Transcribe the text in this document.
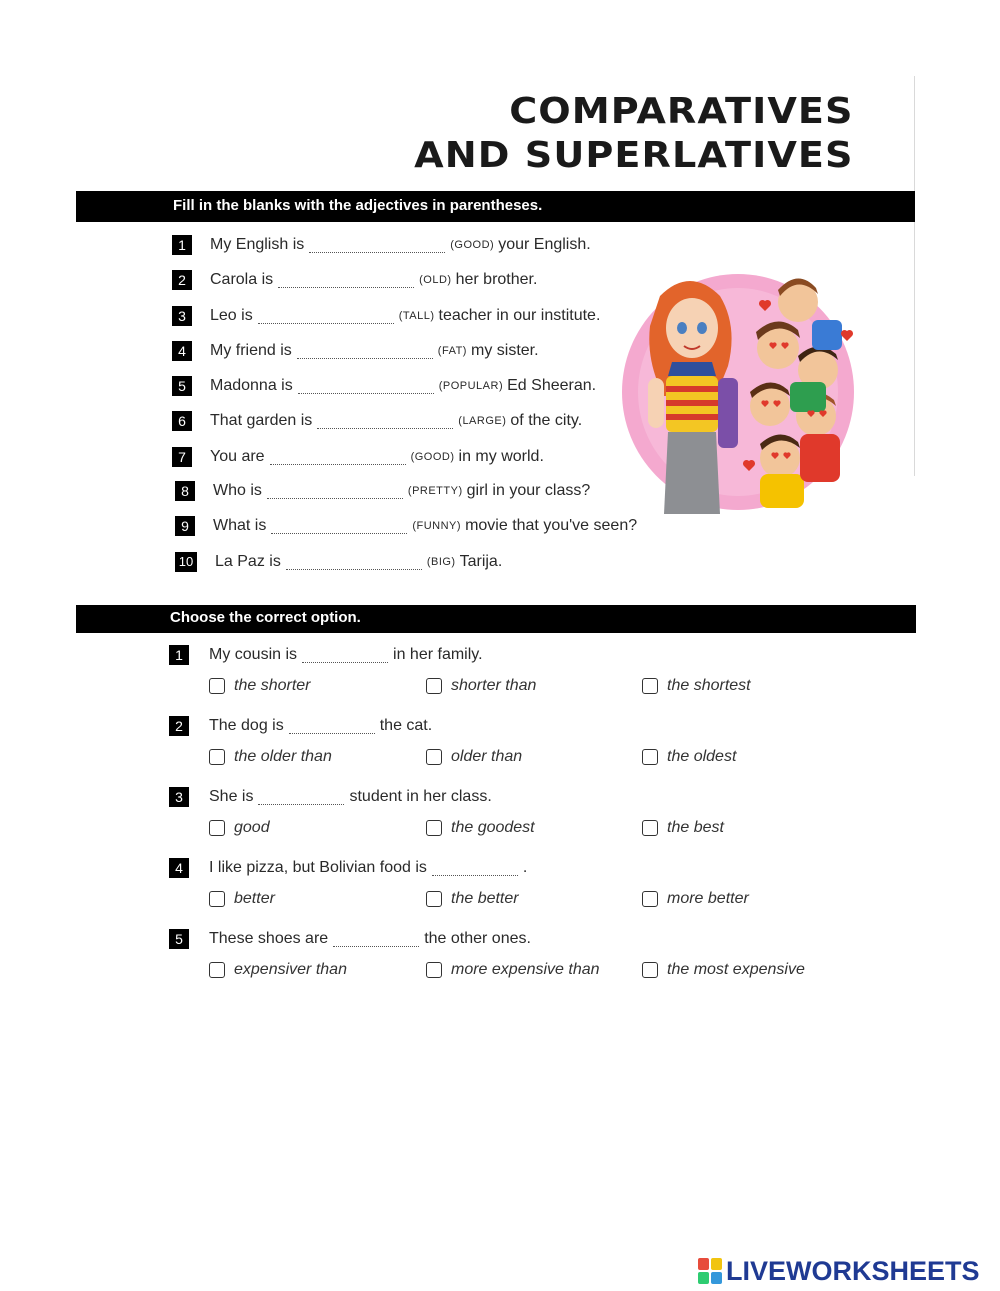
COMPARATIVES
AND SUPERLATIVES
Fill in the blanks with the adjectives in parentheses.
1	My English is	(GOOD) your English.
2	Carola is	(OLD) her brother.
3	Leo is	(TALL) teacher in our institute.
4	My friend is	(FAT) my sister.
5	Madonna is	(POPULAR) Ed Sheeran.
6	That garden is	(LARGE) of the city.
7	You are	(GOOD) in my world.
8	Who is	(PRETTY) girl in your class?
9	What is	(FUNNY) movie that you've seen?
10 La Paz is	(BIG) Tarija.
Choose the correct option.
1	My cousin is	in her family.
the shorter	shorter than	the shortest
2	The dog is	the cat.
the older than	older than	the oldest
3	She is	student in her class.
good	the goodest	the best
4	I like pizza, but Bolivian food is	.
better	the better	more better
5	These shoes are	the other ones.
expensiver than	more expensive than	the most expensive
LIVEWORKSHEETS
